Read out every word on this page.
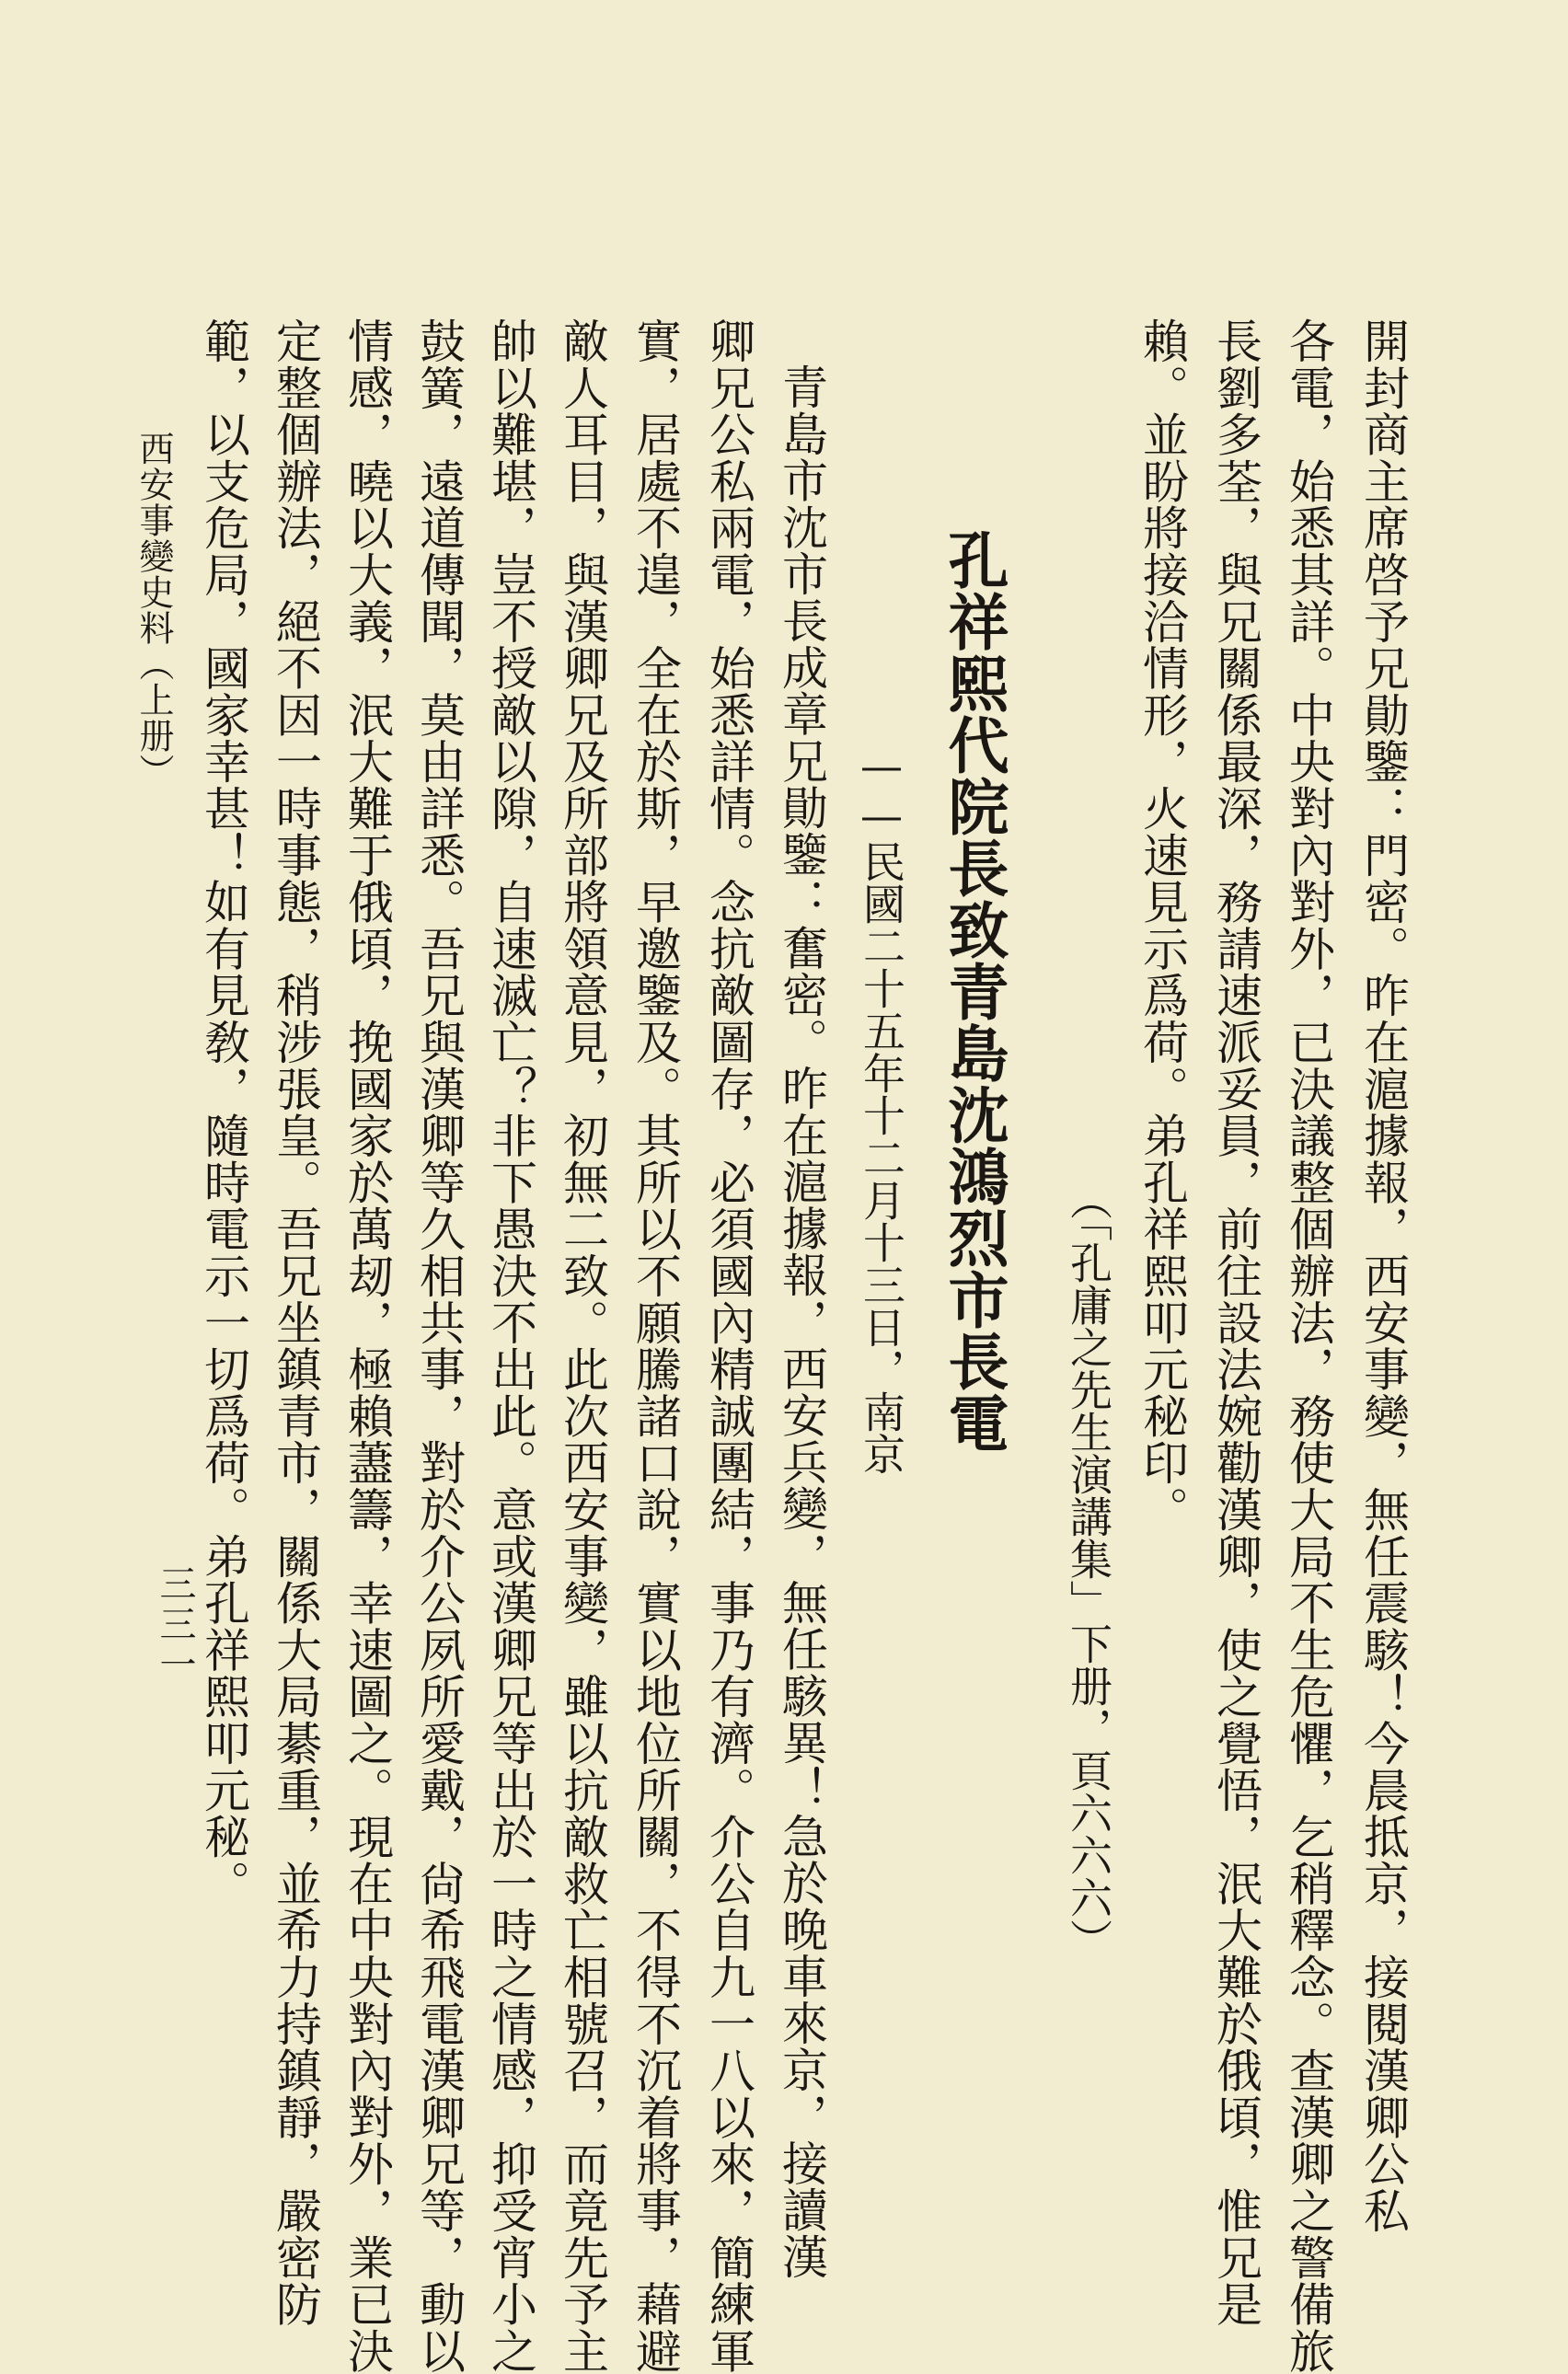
開封商主席啓予兄勛鑒：門密。昨在滬據報，西安事變，無任震駭！今晨抵京，接閱漢卿公私
各電，始悉其詳。中央對內對外，已決議整個辦法，務使大局不生危懼，乞稍釋念。查漢卿之警備旅
長劉多荃，與兄關係最深，務請速派妥員，前往設法婉勸漢卿，使之覺悟，泯大難於俄頃，惟兄是
賴。並盼將接洽情形，火速見示爲荷。弟孔祥熙叩元秘印。
（「孔庸之先生演講集」下册，頁六六六）
孔祥熙代院長致青島沈鴻烈市長電
——民國二十五年十二月十三日，南京
青島市沈市長成章兄勛鑒：奮密。昨在滬據報，西安兵變，無任駭異！急於晚車來京，接讀漢
卿兄公私兩電，始悉詳情。念抗敵圖存，必須國內精誠團結，事乃有濟。介公自九一八以來，簡練軍
實，居處不遑，全在於斯，早邀鑒及。其所以不願騰諸口說，實以地位所關，不得不沉着將事，藉避
敵人耳目，與漢卿兄及所部將領意見，初無二致。此次西安事變，雖以抗敵救亡相號召，而竟先予主
帥以難堪，豈不授敵以隙，自速滅亡？非下愚決不出此。意或漢卿兄等出於一時之情感，抑受宵小之
鼓簧，遠道傳聞，莫由詳悉。吾兄與漢卿等久相共事，對於介公夙所愛戴，尙希飛電漢卿兄等，動以
情感，曉以大義，泯大難于俄頃，挽國家於萬刼，極賴藎籌，幸速圖之。現在中央對內對外，業已決
定整個辦法，絕不因一時事態，稍涉張皇。吾兄坐鎮青市，關係大局綦重，並希力持鎮靜，嚴密防
範，以支危局，國家幸甚！如有見敎，隨時電示一切爲荷。弟孔祥熙叩元秘。
西安事變史料（上册）
三三一
